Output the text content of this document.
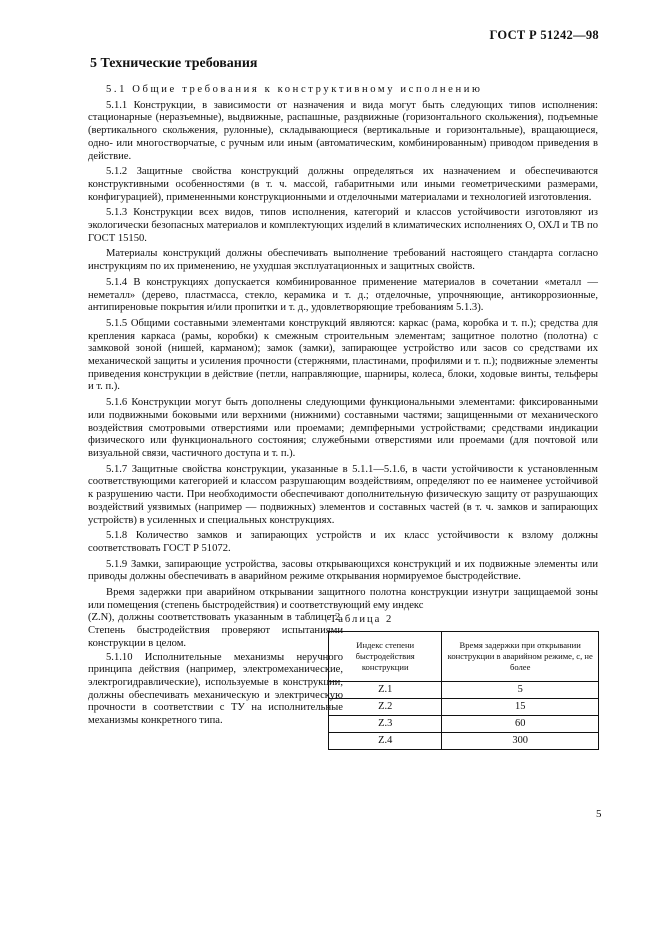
ГОСТ Р 51242—98
5 Технические требования

5.1 Общие требования к конструктивному исполнению

5.1.1 Конструкции, в зависимости от назначения и вида могут быть следующих типов исполнения: стационарные (неразъемные), выдвижные, распашные, раздвижные (горизонтального скольжения), подъемные (вертикального скольжения, рулонные), складывающиеся (вертикальные и горизонтальные), вращающиеся, одно- или многостворчатые, с ручным или иным (автоматическим, комбинированным) приводом приведения в действие.

5.1.2 Защитные свойства конструкций должны определяться их назначением и обеспечиваются конструктивными особенностями (в т. ч. массой, габаритными или иными геометрическими размерами, конфигурацией), примененными конструкционными и отделочными материалами и технологией изготовления.

5.1.3 Конструкции всех видов, типов исполнения, категорий и классов устойчивости изготовляют из экологически безопасных материалов и комплектующих изделий в климатических исполнениях О, ОХЛ и ТВ по ГОСТ 15150.

Материалы конструкций должны обеспечивать выполнение требований настоящего стандарта согласно инструкциям по их применению, не ухудшая эксплуатационных и защитных свойств.

5.1.4 В конструкциях допускается комбинированное применение материалов в сочетании «металл — неметалл» (дерево, пластмасса, стекло, керамика и т. д.; отделочные, упрочняющие, антикоррозионные, антипиреновые покрытия и/или пропитки и т. д., удовлетворяющие требованиям 5.1.3).

5.1.5 Общими составными элементами конструкций являются: каркас (рама, коробка и т. п.); средства для крепления каркаса (рамы, коробки) к смежным строительным элементам; защитное полотно (полотна) с замковой зоной (нишей, карманом); замок (замки), запирающее устройство или засов со средствами их механической защиты и усиления прочности (стержнями, пластинами, профилями и т. п.); подвижные элементы приведения конструкции в действие (петли, направляющие, шарниры, колеса, блоки, ходовые винты, тельферы и т. п.).

5.1.6 Конструкции могут быть дополнены следующими функциональными элементами: фиксированными или подвижными боковыми или верхними (нижними) составными частями; защищенными от механического воздействия смотровыми отверстиями или проемами; демпферными устройствами; средствами индикации физического или функционального состояния; служебными отверстиями или проемами (для почтовой или визуальной связи, частичного доступа и т. п.).

5.1.7 Защитные свойства конструкции, указанные в 5.1.1—5.1.6, в части устойчивости к установленным соответствующими категорией и классом разрушающим воздействиям, определяют по ее наименее устойчивой к разрушению части. При необходимости обеспечивают дополнительную физическую защиту от разрушающих воздействий уязвимых (например — подвижных) элементов и составных частей (в т. ч. замков и запирающих устройств) в усиленных и специальных конструкциях.

5.1.8 Количество замков и запирающих устройств и их класс устойчивости к взлому должны соответствовать ГОСТ Р 51072.

5.1.9 Замки, запирающие устройства, засовы открывающихся конструкций и их подвижные элементы или приводы должны обеспечивать в аварийном режиме открывания нормируемое быстродействие.

Время задержки при аварийном открывании защитного полотна конструкции изнутри защищаемой зоны или помещения (степень быстродействия) и соответствующий ему индекс

(Z.N), должны соответствовать указанным в таблице 2. Степень быстродействия проверяют испытаниями конструкции в целом.

5.1.10 Исполнительные механизмы неручного принципа действия (например, электромеханические, электрогидравлические), используемые в конструкции, должны обеспечивать механическую и электрическую прочности в соответствии с ТУ на исполнительные механизмы конкретного типа.

Таблица 2
Индекс степени быстродействия конструкции	Время задержки при открывании конструкции в аварийном режиме, с, не более
Z.1	5
Z.2	15
Z.3	60
Z.4	300
5
